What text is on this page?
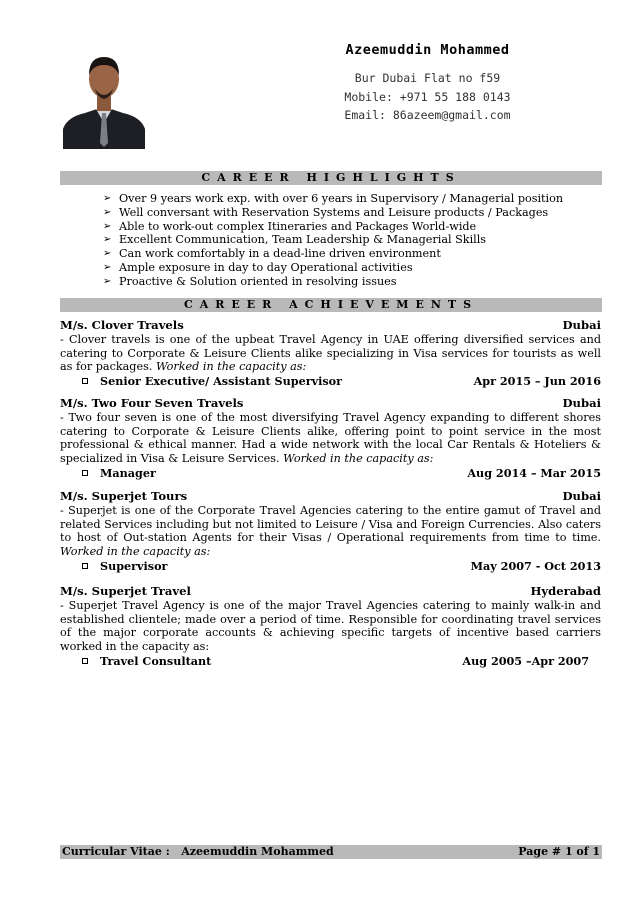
Azeemuddin Mohammed
Bur Dubai Flat no f59
Mobile: +971 55 188 0143
Email: 86azeem@gmail.com
CAREER HIGHLIGHTS
➢ Over 9 years work exp. with over 6 years in Supervisory / Managerial position
➢ Well conversant with Reservation Systems and Leisure products / Packages
➢ Able to work-out complex Itineraries and Packages World-wide
➢ Excellent Communication, Team Leadership & Managerial Skills
➢ Can work comfortably in a dead-line driven environment
➢ Ample exposure in day to day Operational activities
➢ Proactive & Solution oriented in resolving issues
CAREER ACHIEVEMENTS
M/s. Clover Travels	Dubai
- Clover travels is one of the upbeat Travel Agency in UAE offering diversified services and catering to Corporate & Leisure Clients alike specializing in Visa services for tourists as well as for packages. Worked in the capacity as:
Senior Executive/ Assistant Supervisor	Apr 2015 – Jun 2016
M/s. Two Four Seven Travels	Dubai
- Two four seven is one of the most diversifying Travel Agency expanding to different shores catering to Corporate & Leisure Clients alike, offering point to point service in the most professional & ethical manner. Had a wide network with the local Car Rentals & Hoteliers & specialized in Visa & Leisure Services. Worked in the capacity as:
Manager	Aug 2014 – Mar 2015
M/s. Superjet Tours	Dubai
- Superjet is one of the Corporate Travel Agencies catering to the entire gamut of Travel and related Services including but not limited to Leisure / Visa and Foreign Currencies. Also caters to host of Out-station Agents for their Visas / Operational requirements from time to time. Worked in the capacity as:
Supervisor	May 2007 - Oct 2013
M/s. Superjet Travel	Hyderabad
- Superjet Travel Agency is one of the major Travel Agencies catering to mainly walk-in and established clientele; made over a period of time. Responsible for coordinating travel services of the major corporate accounts & achieving specific targets of incentive based carriers worked in the capacity as:
Travel Consultant	Aug 2005 –Apr 2007
Curricular Vitae :   Azeemuddin Mohammed	Page # 1 of 1
